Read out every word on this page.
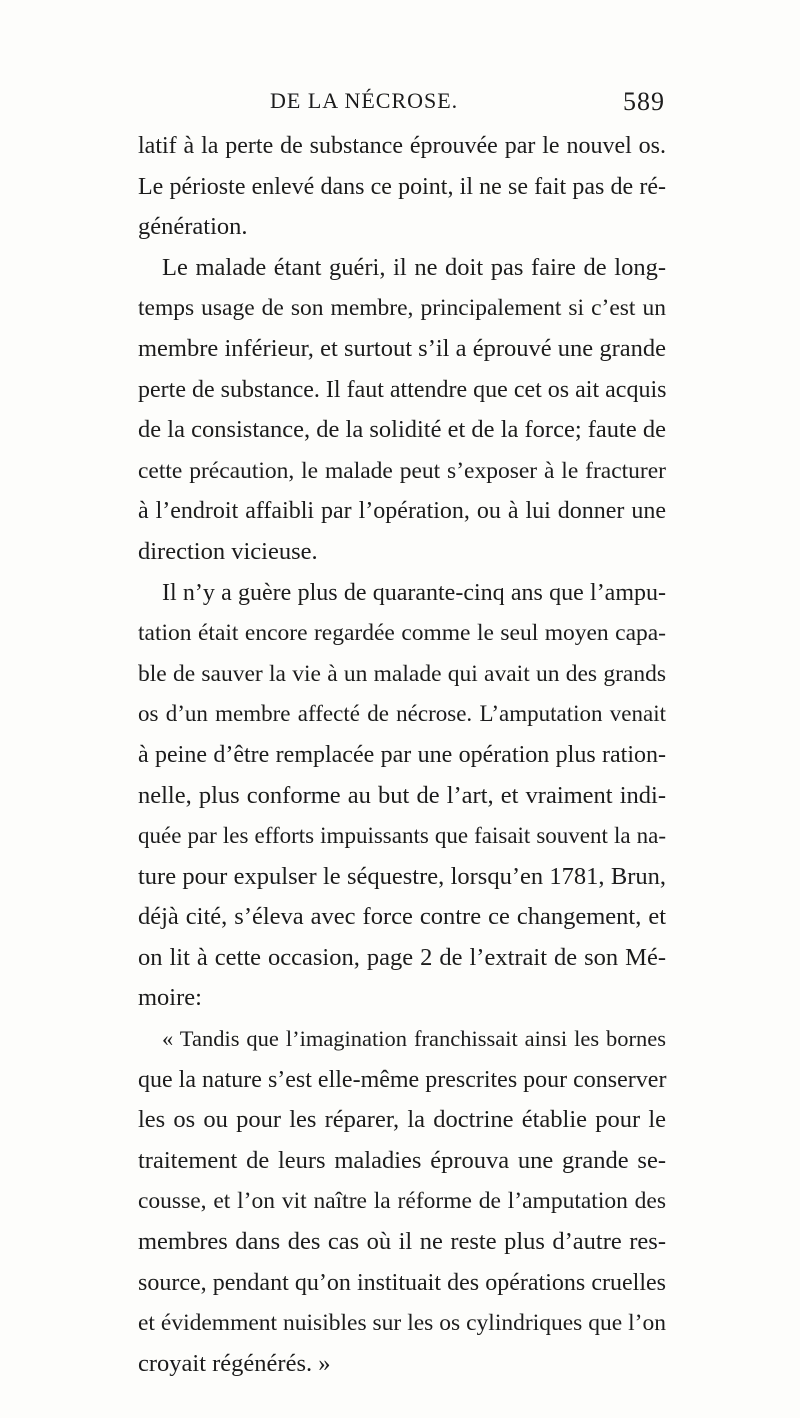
DE LA NÉCROSE.	589
latif à la perte de substance éprouvée par le nouvel os.
Le périoste enlevé dans ce point, il ne se fait pas de ré-
génération.
Le malade étant guéri, il ne doit pas faire de long-
temps usage de son membre, principalement si c’est un
membre inférieur, et surtout s’il a éprouvé une grande
perte de substance. Il faut attendre que cet os ait acquis
de la consistance, de la solidité et de la force; faute de
cette précaution, le malade peut s’exposer à le fracturer
à l’endroit affaibli par l’opération, ou à lui donner une
direction vicieuse.
Il n’y a guère plus de quarante-cinq ans que l’ampu-
tation était encore regardée comme le seul moyen capa-
ble de sauver la vie à un malade qui avait un des grands
os d’un membre affecté de nécrose. L’amputation venait
à peine d’être remplacée par une opération plus ration-
nelle, plus conforme au but de l’art, et vraiment indi-
quée par les efforts impuissants que faisait souvent la na-
ture pour expulser le séquestre, lorsqu’en 1781, Brun,
déjà cité, s’éleva avec force contre ce changement, et
on lit à cette occasion, page 2 de l’extrait de son Mé-
moire:
« Tandis que l’imagination franchissait ainsi les bornes
que la nature s’est elle-même prescrites pour conserver
les os ou pour les réparer, la doctrine établie pour le
traitement de leurs maladies éprouva une grande se-
cousse, et l’on vit naître la réforme de l’amputation des
membres dans des cas où il ne reste plus d’autre res-
source, pendant qu’on instituait des opérations cruelles
et évidemment nuisibles sur les os cylindriques que l’on
croyait régénérés. »
